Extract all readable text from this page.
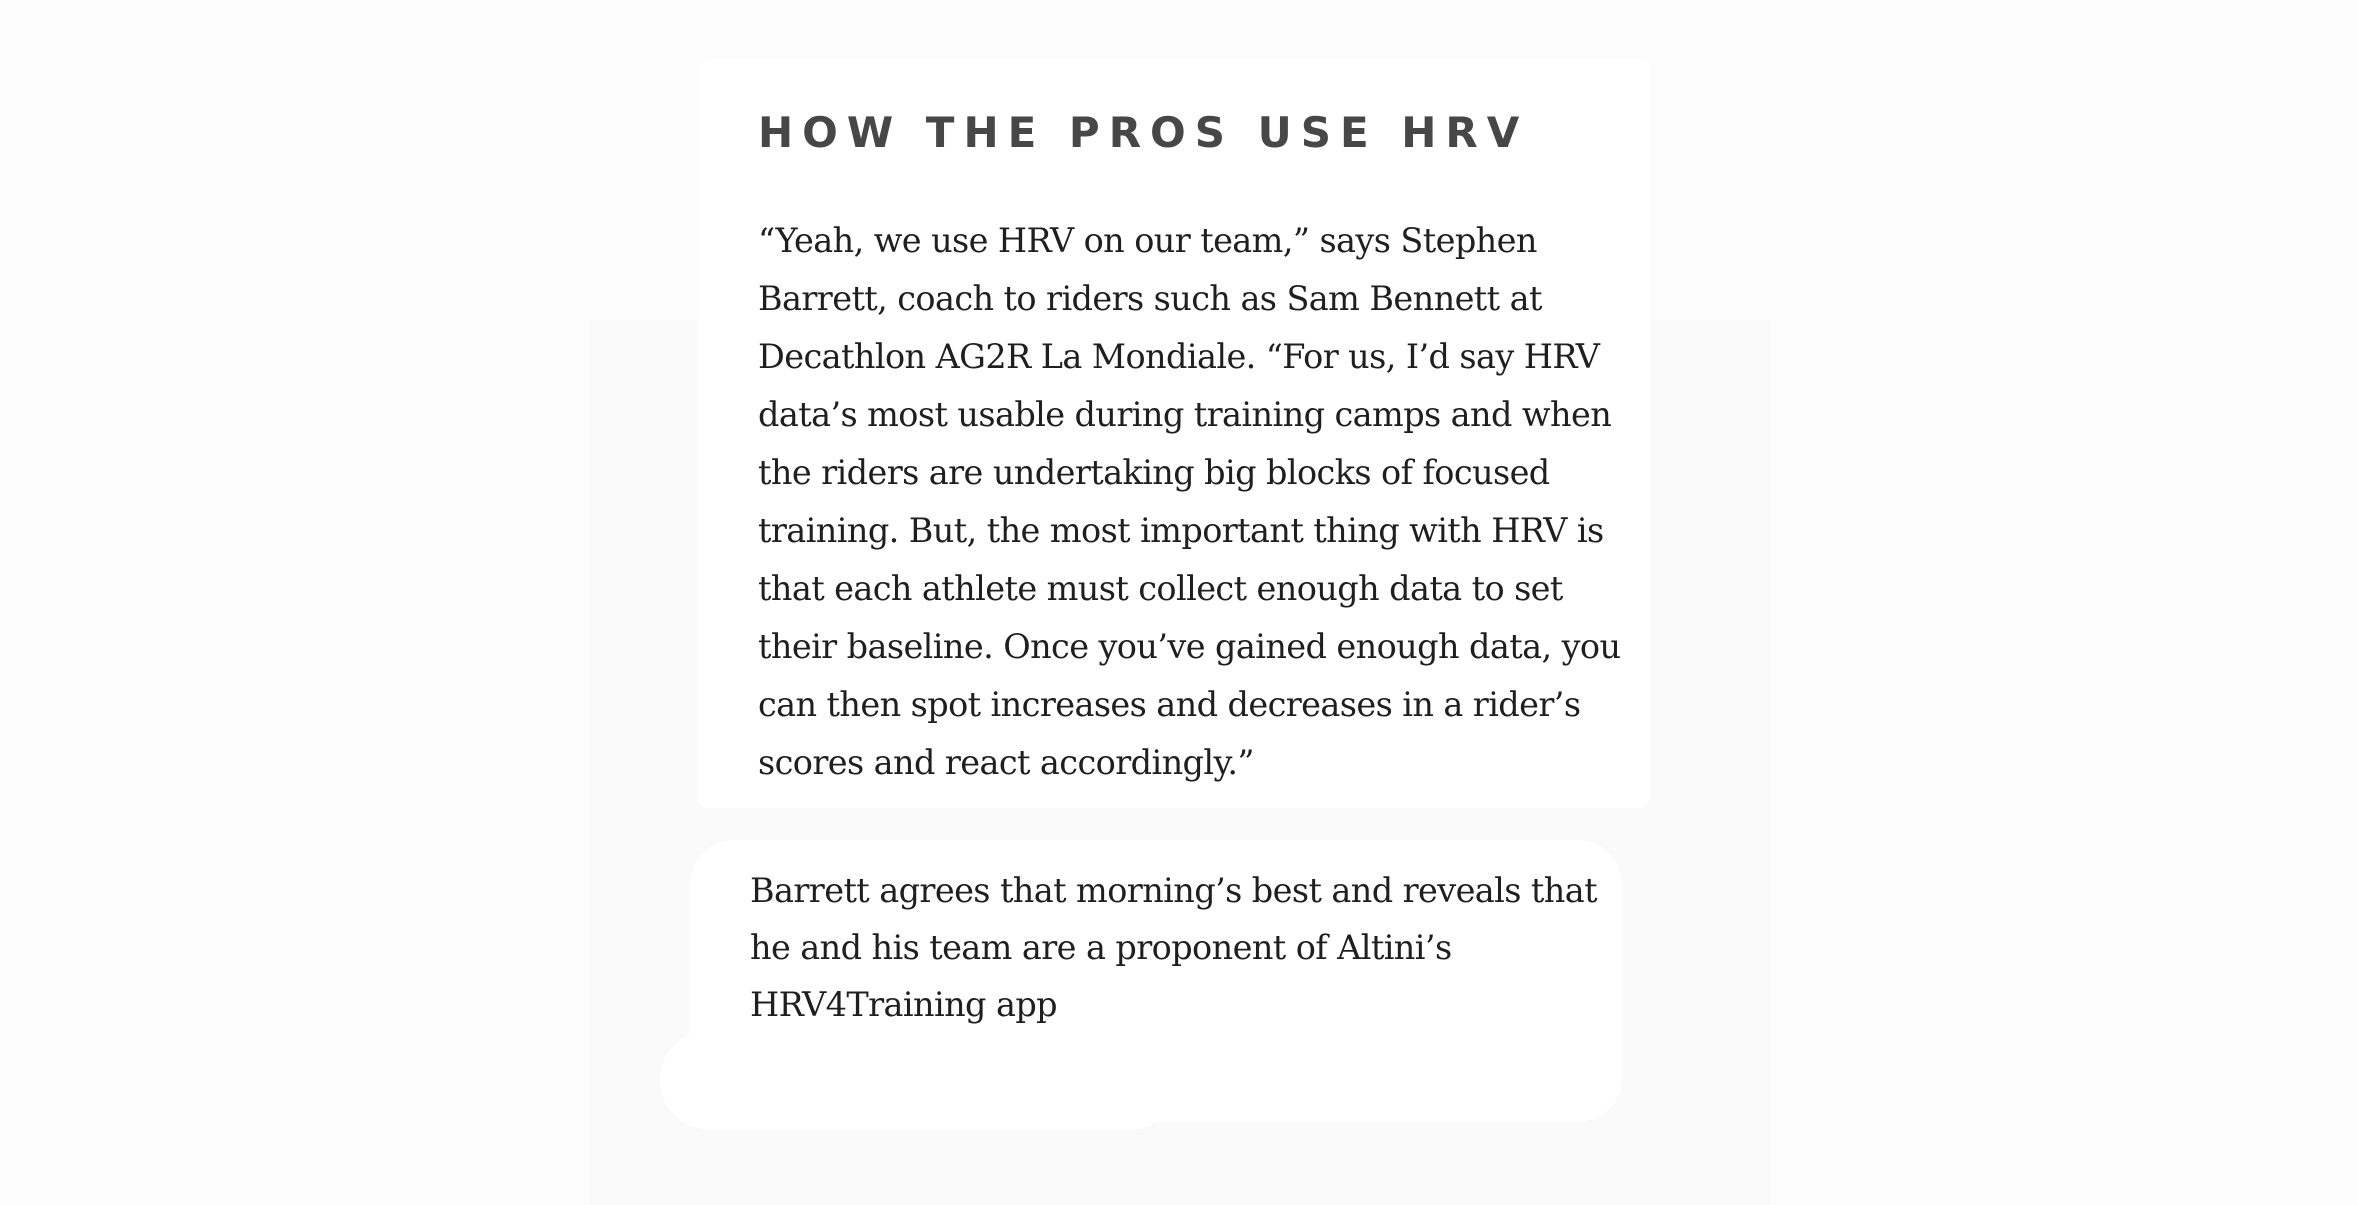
HOW THE PROS USE HRV

“Yeah, we use HRV on our team,” says Stephen
Barrett, coach to riders such as Sam Bennett at
Decathlon AG2R La Mondiale. “For us, I’d say HRV
data’s most usable during training camps and when
the riders are undertaking big blocks of focused
training. But, the most important thing with HRV is
that each athlete must collect enough data to set
their baseline. Once you’ve gained enough data, you
can then spot increases and decreases in a rider’s
scores and react accordingly.”

Barrett agrees that morning’s best and reveals that
he and his team are a proponent of Altini’s
HRV4Training app
